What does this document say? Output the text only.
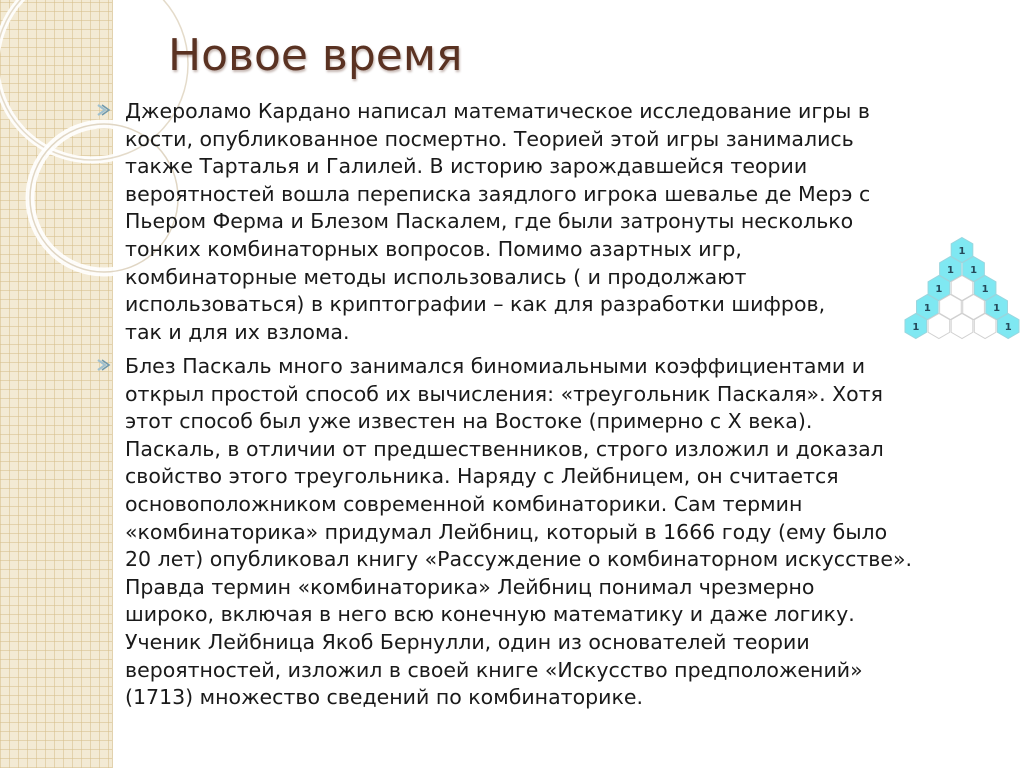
Новое время

Джероламо Кардано написал математическое исследование игры в
кости, опубликованное посмертно. Теорией этой игры занимались
также Тарталья и Галилей. В историю зарождавшейся теории
вероятностей вошла переписка заядлого игрока шевалье де Мерэ с
Пьером Ферма и Блезом Паскалем, где были затронуты несколько
тонких комбинаторных вопросов. Помимо азартных игр,
комбинаторные методы использовались ( и продолжают
использоваться) в криптографии – как для разработки шифров,
так и для их взлома.

Блез Паскаль много занимался биномиальными коэффициентами и
открыл простой способ их вычисления: «треугольник Паскаля». Хотя
этот способ был уже известен на Востоке (примерно с Х века).
Паскаль, в отличии от предшественников, строго изложил и доказал
свойство этого треугольника. Наряду с Лейбницем, он считается
основоположником современной комбинаторики. Сам термин
«комбинаторика» придумал Лейбниц, который в 1666 году (ему было
20 лет) опубликовал книгу «Рассуждение о комбинаторном искусстве».
Правда термин «комбинаторика» Лейбниц понимал чрезмерно
широко, включая в него всю конечную математику и даже логику.
Ученик Лейбница Якоб Бернулли, один из основателей теории
вероятностей, изложил в своей книге «Искусство предположений»
(1713) множество сведений по комбинаторике.

1
1 1
1	1
1	1
1	1
